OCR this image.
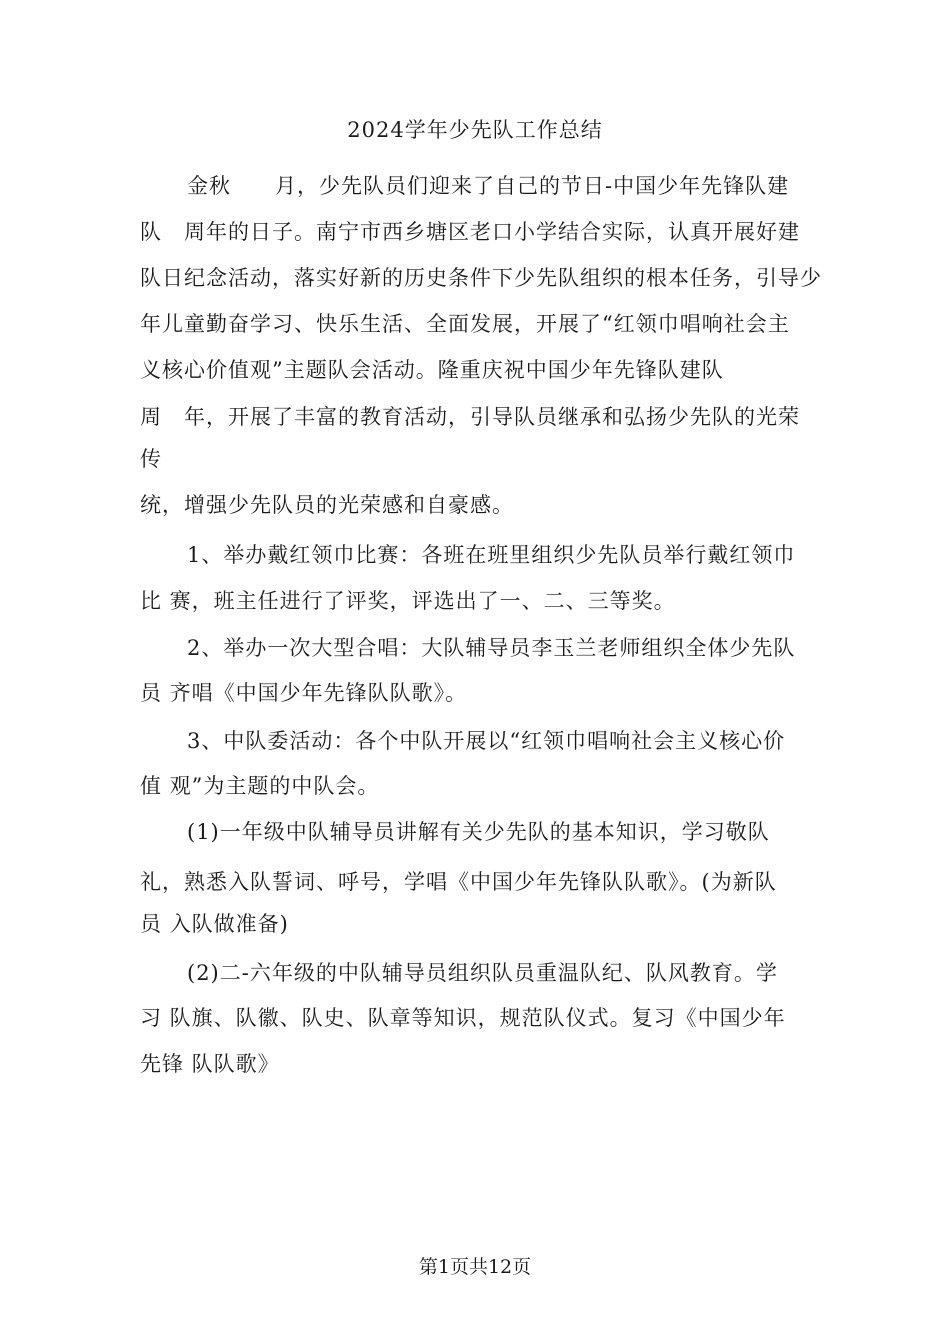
2024学年少先队工作总结
金秋　　月，少先队员们迎来了自己的节日-中国少年先锋队建
队　周年的日子。南宁市西乡塘区老口小学结合实际，认真开展好建
队日纪念活动，落实好新的历史条件下少先队组织的根本任务，引导少
年儿童勤奋学习、快乐生活、全面发展，开展了“红领巾唱响社会主
义核心价值观”主题队会活动。隆重庆祝中国少年先锋队建队
周　年，开展了丰富的教育活动，引导队员继承和弘扬少先队的光荣
传
统，增强少先队员的光荣感和自豪感。
1、举办戴红领巾比赛：各班在班里组织少先队员举行戴红领巾
比 赛，班主任进行了评奖，评选出了一、二、三等奖。
2、举办一次大型合唱：大队辅导员李玉兰老师组织全体少先队
员 齐唱《中国少年先锋队队歌》。
3、中队委活动：各个中队开展以“红领巾唱响社会主义核心价
值 观”为主题的中队会。
(1)一年级中队辅导员讲解有关少先队的基本知识，学习敬队
礼，熟悉入队誓词、呼号，学唱《中国少年先锋队队歌》。(为新队
员 入队做准备)
(2)二-六年级的中队辅导员组织队员重温队纪、队风教育。学
习 队旗、队徽、队史、队章等知识，规范队仪式。复习《中国少年
先锋 队队歌》
第1页共12页
